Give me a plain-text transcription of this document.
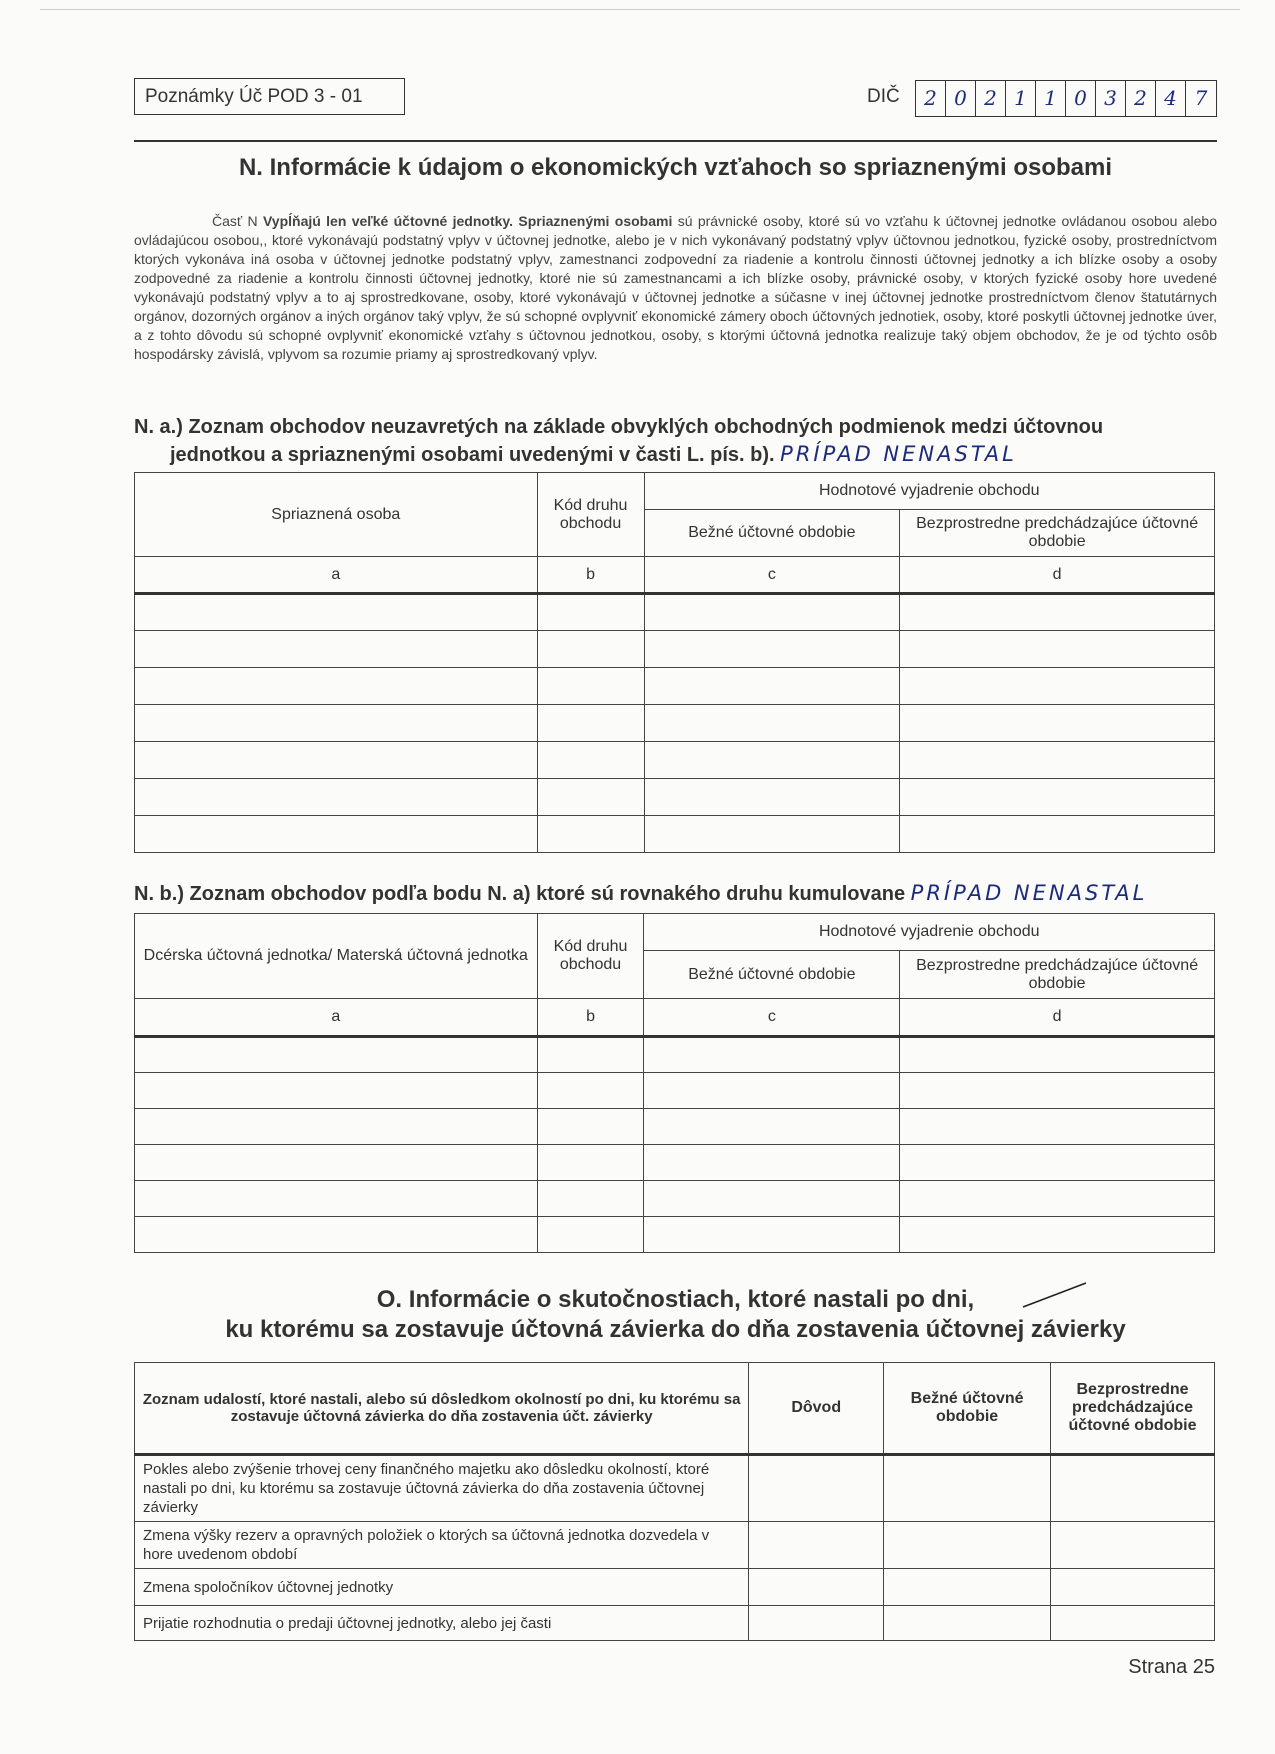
Poznámky Úč POD 3 - 01	DIČ	2 0 2 1 1 0 3 2 4 7
N. Informácie k údajom o ekonomických vzťahoch so spriaznenými osobami
Časť N Vypĺňajú len veľké účtovné jednotky. Spriaznenými osobami sú právnické osoby, ktoré sú vo vzťahu k účtovnej jednotke ovládanou osobou alebo ovládajúcou osobou,, ktoré vykonávajú podstatný vplyv v účtovnej jednotke, alebo je v nich vykonávaný podstatný vplyv účtovnou jednotkou, fyzické osoby, prostredníctvom ktorých vykonáva iná osoba v účtovnej jednotke podstatný vplyv, zamestnanci zodpovední za riadenie a kontrolu činnosti účtovnej jednotky a ich blízke osoby a osoby zodpovedné za riadenie a kontrolu činnosti účtovnej jednotky, ktoré nie sú zamestnancami a ich blízke osoby, právnické osoby, v ktorých fyzické osoby hore uvedené vykonávajú podstatný vplyv a to aj sprostredkovane, osoby, ktoré vykonávajú v účtovnej jednotke a súčasne v inej účtovnej jednotke prostredníctvom členov štatutárnych orgánov, dozorných orgánov a iných orgánov taký vplyv, že sú schopné ovplyvniť ekonomické zámery oboch účtovných jednotiek, osoby, ktoré poskytli účtovnej jednotke úver, a z tohto dôvodu sú schopné ovplyvniť ekonomické vzťahy s účtovnou jednotkou, osoby, s ktorými účtovná jednotka realizuje taký objem obchodov, že je od týchto osôb hospodársky závislá, vplyvom sa rozumie priamy aj sprostredkovaný vplyv.
N. a.) Zoznam obchodov neuzavretých na základe obvyklých obchodných podmienok medzi účtovnou
jednotkou a spriaznenými osobami uvedenými v časti L. pís. b). PRÍPAD NENASTAL
Spriaznená osoba	Kód druhu obchodu	Hodnotové vyjadrenie obchodu	
		Bežné účtovné obdobie	Bezprostredne predchádzajúce účtovné obdobie
a	b	c	d

N. b.) Zoznam obchodov podľa bodu N. a) ktoré sú rovnakého druhu kumulovane PRÍPAD NENASTAL
Dcérska účtovná jednotka/ Materská účtovná jednotka	Kód druhu obchodu	Hodnotové vyjadrenie obchodu	
		Bežné účtovné obdobie	Bezprostredne predchádzajúce účtovné obdobie
a	b	c	d

O. Informácie o skutočnostiach, ktoré nastali po dni,
ku ktorému sa zostavuje účtovná závierka do dňa zostavenia účtovnej závierky
Zoznam udalostí, ktoré nastali, alebo sú dôsledkom okolností po dni, ku ktorému sa zostavuje účtovná závierka do dňa zostavenia účt. závierky	Dôvod	Bežné účtovné obdobie	Bezprostredne predchádzajúce účtovné obdobie
Pokles alebo zvýšenie trhovej ceny finančného majetku ako dôsledku okolností, ktoré nastali po dni, ku ktorému sa zostavuje účtovná závierka do dňa zostavenia účtovnej závierky			
Zmena výšky rezerv a opravných položiek o ktorých sa účtovná jednotka dozvedela v hore uvedenom období			
Zmena spoločníkov účtovnej jednotky			
Prijatie rozhodnutia o predaji účtovnej jednotky, alebo jej časti			
Strana 25
